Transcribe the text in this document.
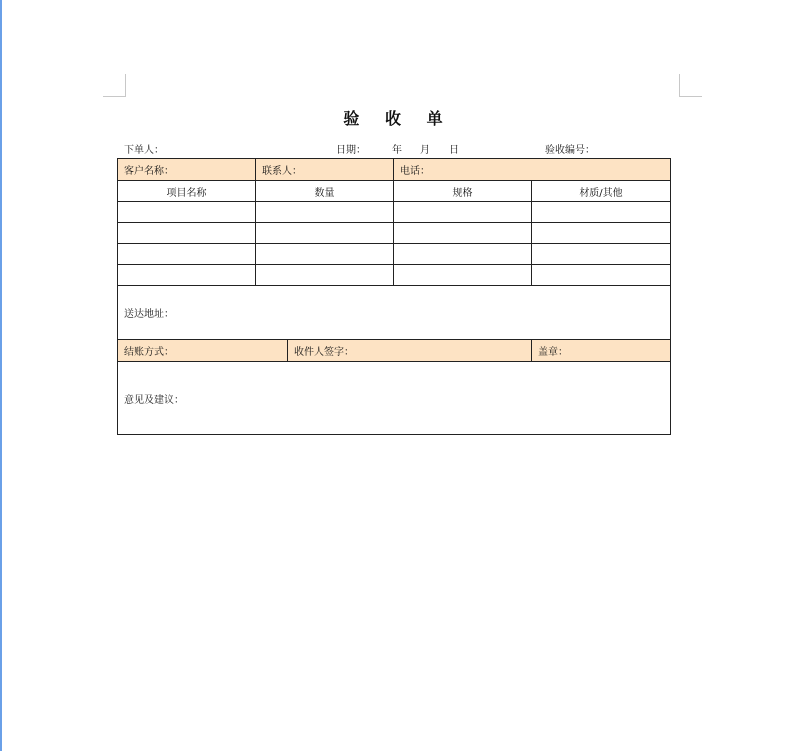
验 收 单
下单人：	日期：	年 月 日	验收编号：
客户名称：	联系人：		电话：	
项目名称	数量		规格	材质/其他

送达地址：				
结账方式：		收件人签字：		盖章：
意见及建议：				
